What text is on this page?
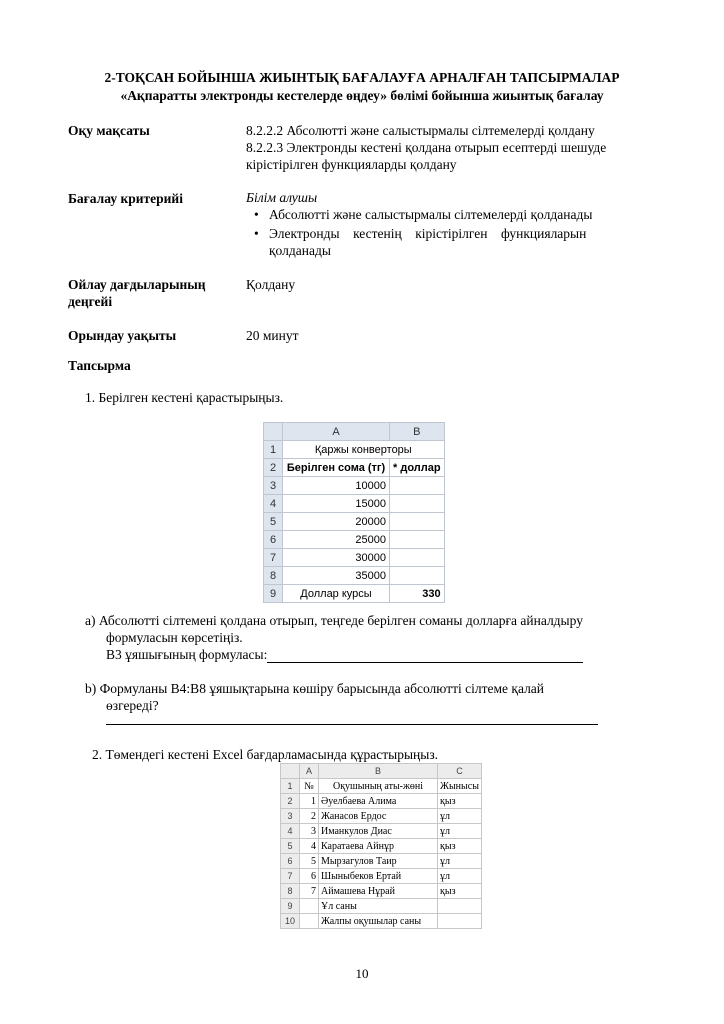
2-ТОҚСАН БОЙЫНША ЖИЫНТЫҚ БАҒАЛАУҒА АРНАЛҒАН ТАПСЫРМАЛАР
«Ақпаратты электронды кестелерде өңдеу» бөлімі бойынша жиынтық бағалау
Оқу мақсаты	8.2.2.2 Абсолютті және салыстырмалы сілтемелерді қолдану
8.2.2.3 Электронды кестені қолдана отырып есептерді шешуде
кірістірілген функцияларды қолдану
Бағалау критерийі	Білім алушы
• Абсолютті және салыстырмалы сілтемелерді қолданады
• Электронды    кестенің    кірістірілген    функцияларын
қолданады
Ойлау дағдыларының
деңгейі
Қолдану
Орындау уақыты	20 минут
Тапсырма
1. Берілген кестені қарастырыңыз.
	A	B
1	Қаржы конверторы	
2	Берілген сома (тг)	* доллар
3	10000	
4	15000	
5	20000	
6	25000	
7	30000	
8	35000	
9	Доллар курсы	330
a) Абсолютті сілтемені қолдана отырып, теңгеде берілген соманы долларға айналдыру
формуласын көрсетіңіз.
B3 ұяшығының формуласы:
b) Формуланы B4:B8 ұяшықтарына көшіру барысында абсолютті сілтеме қалай
өзгереді?
2. Төмендегі кестені Excel бағдарламасында құрастырыңыз.
	A	B	C
1	№	Оқушының аты-жөні	Жынысы
2	1	Әуелбаева Алима	қыз
3	2	Жанасов Ердос	ұл
4	3	Иманкулов Диас	ұл
5	4	Каратаева Айнұр	қыз
6	5	Мырзагулов Таир	ұл
7	6	Шыныбеков Ертай	ұл
8	7	Аймашева Нұрай	қыз
9		Ұл саны	
10		Жалпы оқушылар саны	
10
